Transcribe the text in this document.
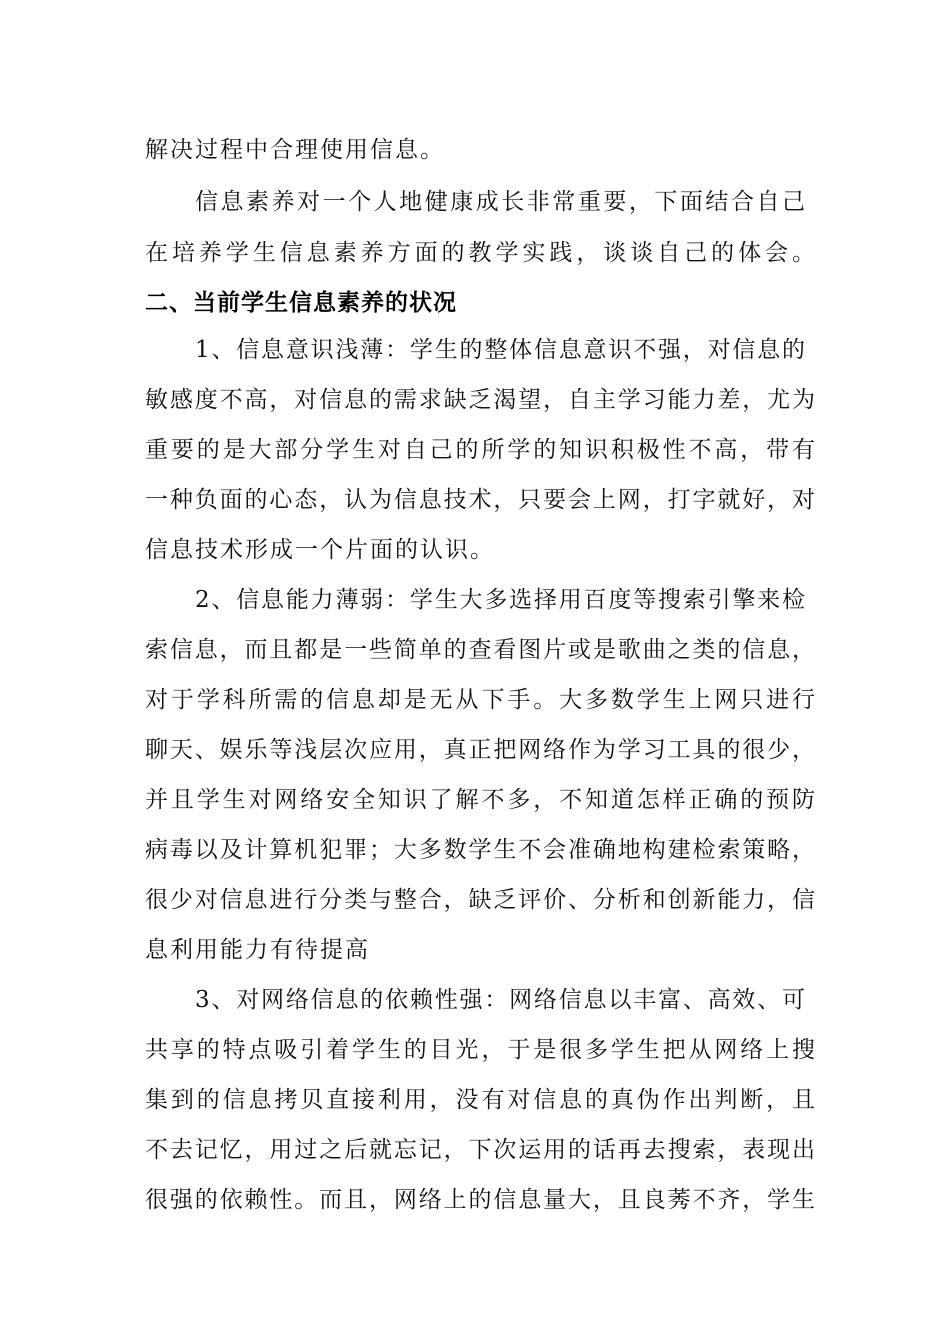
解决过程中合理使用信息。
信息素养对一个人地健康成长非常重要，下面结合自己
在培养学生信息素养方面的教学实践，谈谈自己的体会。
二、当前学生信息素养的状况
1、信息意识浅薄：学生的整体信息意识不强，对信息的
敏感度不高，对信息的需求缺乏渴望，自主学习能力差，尤为
重要的是大部分学生对自己的所学的知识积极性不高，带有
一种负面的心态，认为信息技术，只要会上网，打字就好，对
信息技术形成一个片面的认识。
2、信息能力薄弱：学生大多选择用百度等搜索引擎来检
索信息，而且都是一些简单的查看图片或是歌曲之类的信息，
对于学科所需的信息却是无从下手。大多数学生上网只进行
聊天、娱乐等浅层次应用，真正把网络作为学习工具的很少，
并且学生对网络安全知识了解不多，不知道怎样正确的预防
病毒以及计算机犯罪；大多数学生不会准确地构建检索策略，
很少对信息进行分类与整合，缺乏评价、分析和创新能力，信
息利用能力有待提高
3、对网络信息的依赖性强：网络信息以丰富、高效、可
共享的特点吸引着学生的目光，于是很多学生把从网络上搜
集到的信息拷贝直接利用，没有对信息的真伪作出判断，且
不去记忆，用过之后就忘记，下次运用的话再去搜索，表现出
很强的依赖性。而且，网络上的信息量大，且良莠不齐，学生
